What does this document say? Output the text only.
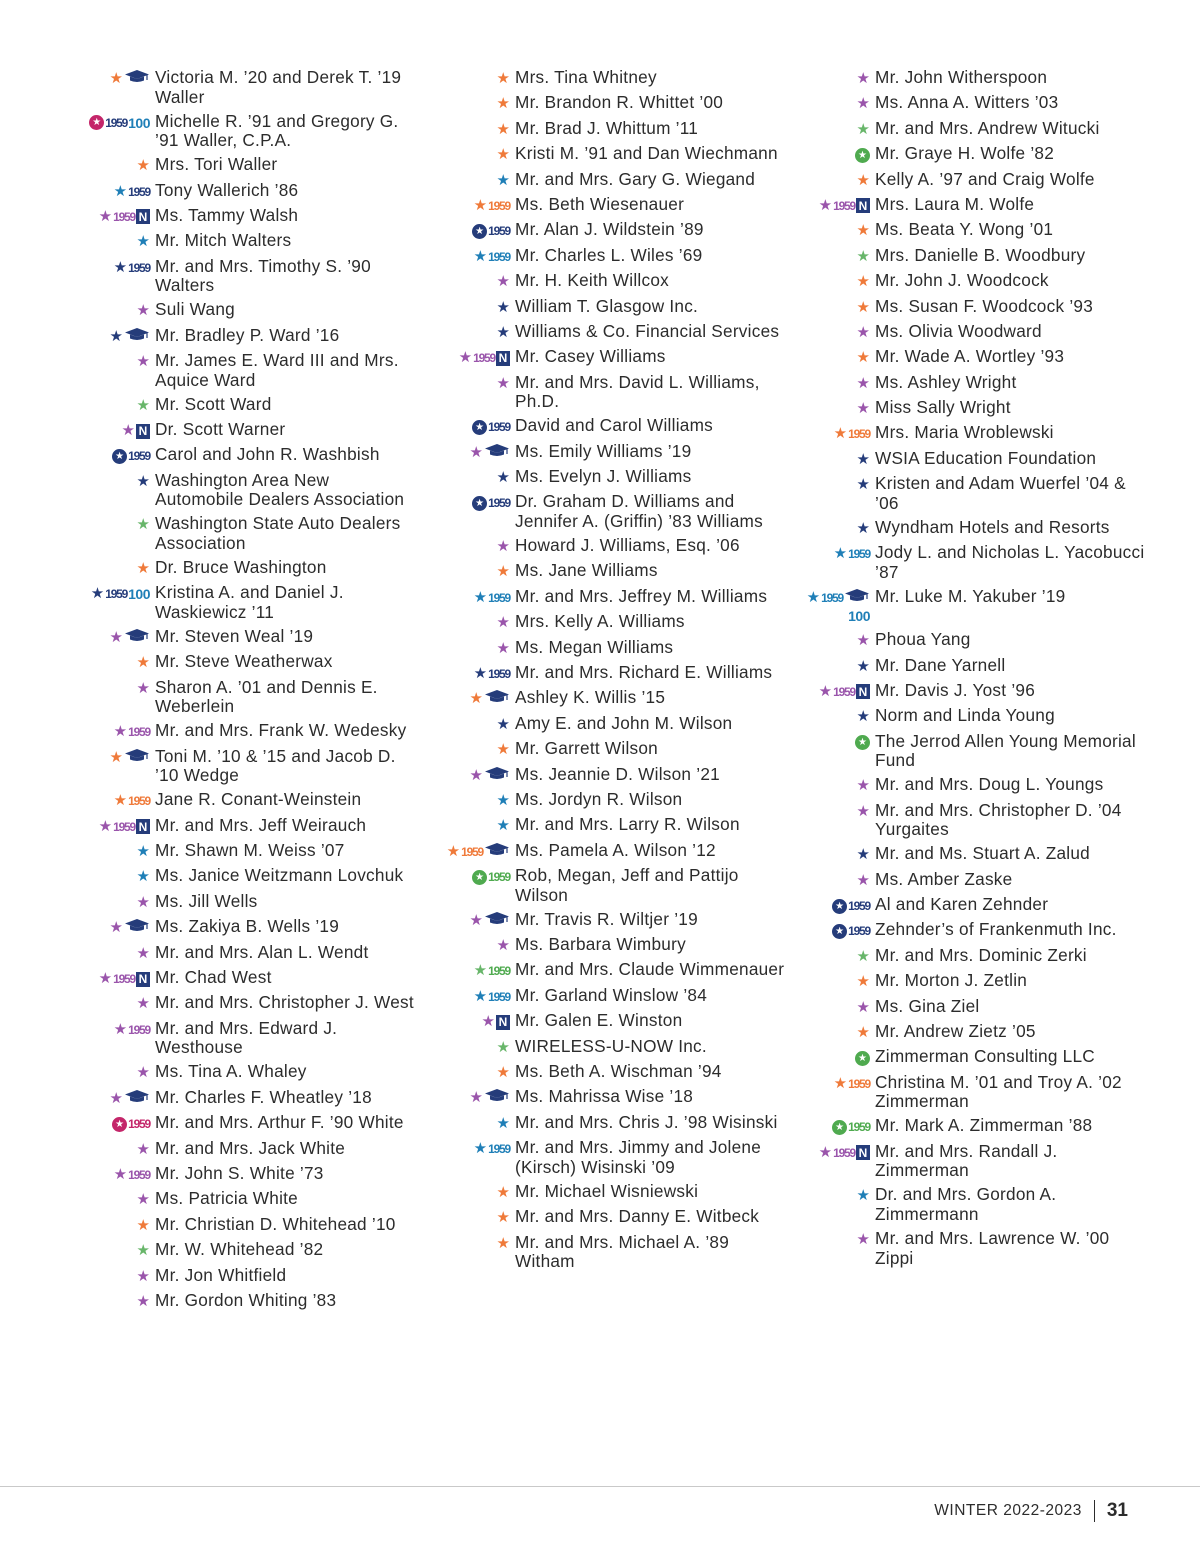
★ Victoria M. ’20 and Derek T. ’19 Waller
★ 1959 100 Michelle R. ’91 and Gregory G. ’91 Waller, C.P.A.
★ Mrs. Tori Waller
★ 1959 Tony Wallerich ’86
★ 1959 N Ms. Tammy Walsh
★ Mr. Mitch Walters
★ 1959 Mr. and Mrs. Timothy S. ’90 Walters
★ Suli Wang
★ Mr. Bradley P. Ward ’16
★ Mr. James E. Ward III and Mrs. Aquice Ward
★ Mr. Scott Ward
★ N Dr. Scott Warner
★ 1959 Carol and John R. Washbish
★ Washington Area New Automobile Dealers Association
★ Washington State Auto Dealers Association
★ Dr. Bruce Washington
★ 1959 100 Kristina A. and Daniel J. Waskiewicz ’11
★ Mr. Steven Weal ’19
★ Mr. Steve Weatherwax
★ Sharon A. ’01 and Dennis E. Weberlein
★ 1959 Mr. and Mrs. Frank W. Wedesky
★ Toni M. ’10 & ’15 and Jacob D. ’10 Wedge
★ 1959 Jane R. Conant-Weinstein
★ 1959 N Mr. and Mrs. Jeff Weirauch
★ Mr. Shawn M. Weiss ’07
★ Ms. Janice Weitzmann Lovchuk
★ Ms. Jill Wells
★ Ms. Zakiya B. Wells ’19
★ Mr. and Mrs. Alan L. Wendt
★ 1959 N Mr. Chad West
★ Mr. and Mrs. Christopher J. West
★ 1959 Mr. and Mrs. Edward J. Westhouse
★ Ms. Tina A. Whaley
★ Mr. Charles F. Wheatley ’18
★ 1959 Mr. and Mrs. Arthur F. ’90 White
★ Mr. and Mrs. Jack White
★ 1959 Mr. John S. White ’73
★ Ms. Patricia White
★ Mr. Christian D. Whitehead ’10
★ Mr. W. Whitehead ’82
★ Mr. Jon Whitfield
★ Mr. Gordon Whiting ’83
★ Mrs. Tina Whitney
★ Mr. Brandon R. Whittet ’00
★ Mr. Brad J. Whittum ’11
★ Kristi M. ’91 and Dan Wiechmann
★ Mr. and Mrs. Gary G. Wiegand
★ 1959 Ms. Beth Wiesenauer
★ 1959 Mr. Alan J. Wildstein ’89
★ 1959 Mr. Charles L. Wiles ’69
★ Mr. H. Keith Willcox
★ William T. Glasgow Inc.
★ Williams & Co. Financial Services
★ 1959 N Mr. Casey Williams
★ Mr. and Mrs. David L. Williams, Ph.D.
★ 1959 David and Carol Williams
★ Ms. Emily Williams ’19
★ Ms. Evelyn J. Williams
★ 1959 Dr. Graham D. Williams and Jennifer A. (Griffin) ’83 Williams
★ Howard J. Williams, Esq. ’06
★ Ms. Jane Williams
★ 1959 Mr. and Mrs. Jeffrey M. Williams
★ Mrs. Kelly A. Williams
★ Ms. Megan Williams
★ 1959 Mr. and Mrs. Richard E. Williams
★ Ashley K. Willis ’15
★ Amy E. and John M. Wilson
★ Mr. Garrett Wilson
★ Ms. Jeannie D. Wilson ’21
★ Ms. Jordyn R. Wilson
★ Mr. and Mrs. Larry R. Wilson
★ 1959 Ms. Pamela A. Wilson ’12
★ 1959 Rob, Megan, Jeff and Pattijo Wilson
★ Mr. Travis R. Wiltjer ’19
★ Ms. Barbara Wimbury
★ 1959 Mr. and Mrs. Claude Wimmenauer
★ 1959 Mr. Garland Winslow ’84
★ N Mr. Galen E. Winston
★ WIRELESS-U-NOW Inc.
★ Ms. Beth A. Wischman ’94
★ Ms. Mahrissa Wise ’18
★ Mr. and Mrs. Chris J. ’98 Wisinski
★ 1959 Mr. and Mrs. Jimmy and Jolene (Kirsch) Wisinski ’09
★ Mr. Michael Wisniewski
★ Mr. and Mrs. Danny E. Witbeck
★ Mr. and Mrs. Michael A. ’89 Witham
★ Mr. John Witherspoon
★ Ms. Anna A. Witters ’03
★ Mr. and Mrs. Andrew Witucki
★ Mr. Graye H. Wolfe ’82
★ Kelly A. ’97 and Craig Wolfe
★ 1959 N Mrs. Laura M. Wolfe
★ Ms. Beata Y. Wong ’01
★ Mrs. Danielle B. Woodbury
★ Mr. John J. Woodcock
★ Ms. Susan F. Woodcock ’93
★ Ms. Olivia Woodward
★ Mr. Wade A. Wortley ’93
★ Ms. Ashley Wright
★ Miss Sally Wright
★ 1959 Mrs. Maria Wroblewski
★ WSIA Education Foundation
★ Kristen and Adam Wuerfel ’04 & ’06
★ Wyndham Hotels and Resorts
★ 1959 Jody L. and Nicholas L. Yacobucci ’87
★ 1959 Mr. Luke M. Yakuber ’19
100
★ Phoua Yang
★ Mr. Dane Yarnell
★ 1959 N Mr. Davis J. Yost ’96
★ Norm and Linda Young
★ The Jerrod Allen Young Memorial Fund
★ Mr. and Mrs. Doug L. Youngs
★ Mr. and Mrs. Christopher D. ’04 Yurgaites
★ Mr. and Ms. Stuart A. Zalud
★ Ms. Amber Zaske
★ 1959 Al and Karen Zehnder
★ 1959 Zehnder’s of Frankenmuth Inc.
★ Mr. and Mrs. Dominic Zerki
★ Mr. Morton J. Zetlin
★ Ms. Gina Ziel
★ Mr. Andrew Zietz ’05
★ Zimmerman Consulting LLC
★ 1959 Christina M. ’01 and Troy A. ’02 Zimmerman
★ 1959 Mr. Mark A. Zimmerman ’88
★ 1959 N Mr. and Mrs. Randall J. Zimmerman
★ Dr. and Mrs. Gordon A. Zimmermann
★ Mr. and Mrs. Lawrence W. ’00 Zippi
WINTER 2022-2023 31
